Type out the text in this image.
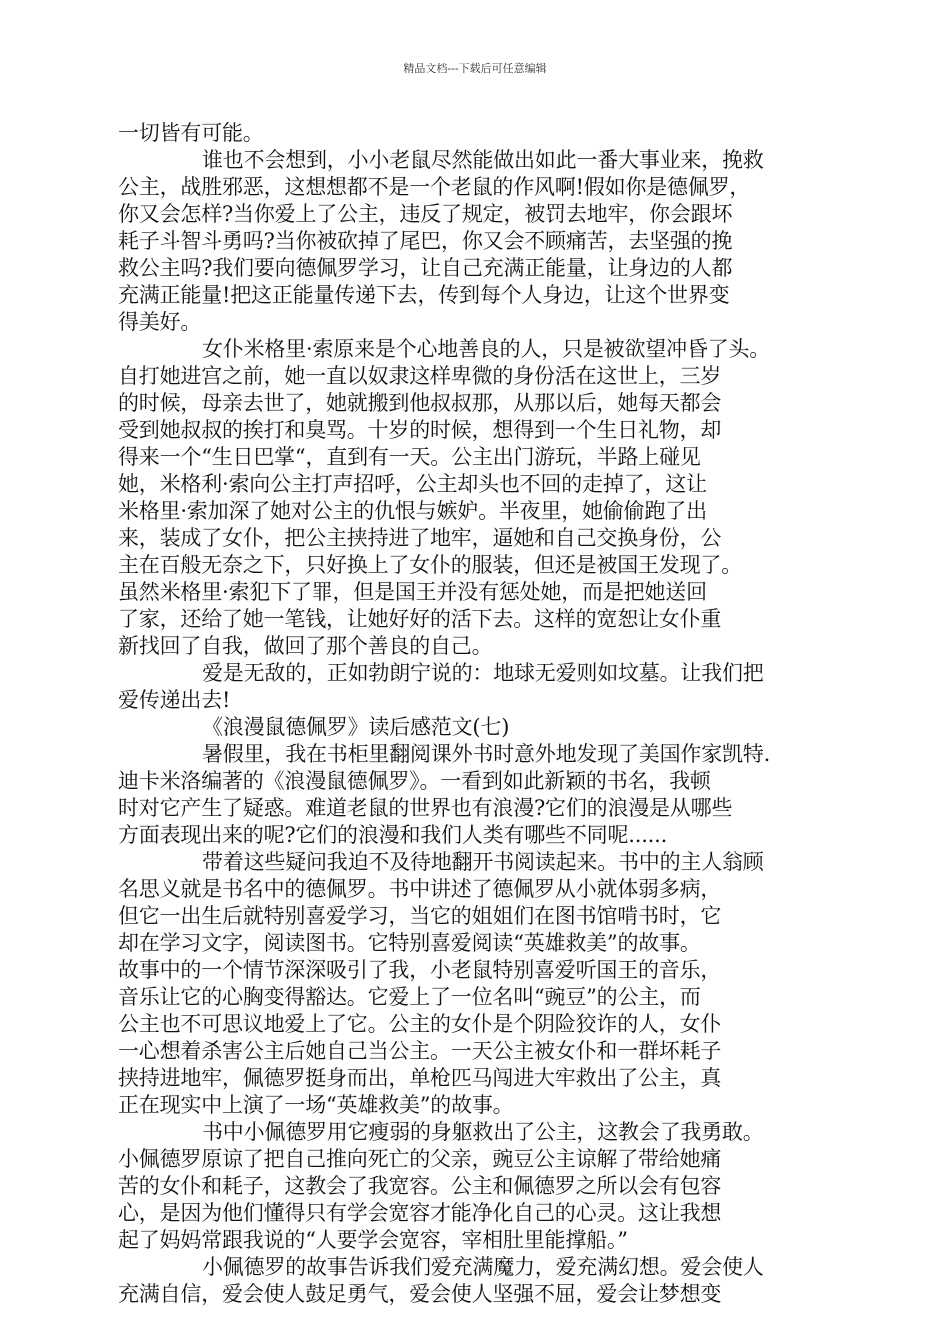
精品文档---下载后可任意编辑
一切皆有可能。
谁也不会想到，小小老鼠尽然能做出如此一番大事业来，挽救
公主，战胜邪恶，这想想都不是一个老鼠的作风啊!假如你是德佩罗，
你又会怎样?当你爱上了公主，违反了规定，被罚去地牢，你会跟坏
耗子斗智斗勇吗?当你被砍掉了尾巴，你又会不顾痛苦，去坚强的挽
救公主吗?我们要向德佩罗学习，让自己充满正能量，让身边的人都
充满正能量!把这正能量传递下去，传到每个人身边，让这个世界变
得美好。
女仆米格里·索原来是个心地善良的人，只是被欲望冲昏了头。
自打她进宫之前，她一直以奴隶这样卑微的身份活在这世上，三岁
的时候，母亲去世了，她就搬到他叔叔那，从那以后，她每天都会
受到她叔叔的挨打和臭骂。十岁的时候，想得到一个生日礼物，却
得来一个“生日巴掌“，直到有一天。公主出门游玩，半路上碰见
她，米格利·索向公主打声招呼，公主却头也不回的走掉了，这让
米格里·索加深了她对公主的仇恨与嫉妒。半夜里，她偷偷跑了出
来，装成了女仆，把公主挟持进了地牢，逼她和自己交换身份，公
主在百般无奈之下，只好换上了女仆的服装，但还是被国王发现了。
虽然米格里·索犯下了罪，但是国王并没有惩处她，而是把她送回
了家，还给了她一笔钱，让她好好的活下去。这样的宽恕让女仆重
新找回了自我，做回了那个善良的自己。
爱是无敌的，正如勃朗宁说的：地球无爱则如坟墓。让我们把
爱传递出去!
《浪漫鼠德佩罗》读后感范文(七)
暑假里，我在书柜里翻阅课外书时意外地发现了美国作家凯特.
迪卡米洛编著的《浪漫鼠德佩罗》。一看到如此新颖的书名，我顿
时对它产生了疑惑。难道老鼠的世界也有浪漫?它们的浪漫是从哪些
方面表现出来的呢?它们的浪漫和我们人类有哪些不同呢......
带着这些疑问我迫不及待地翻开书阅读起来。书中的主人翁顾
名思义就是书名中的德佩罗。书中讲述了德佩罗从小就体弱多病，
但它一出生后就特别喜爱学习，当它的姐姐们在图书馆啃书时，它
却在学习文字，阅读图书。它特别喜爱阅读“英雄救美”的故事。
故事中的一个情节深深吸引了我，小老鼠特别喜爱听国王的音乐，
音乐让它的心胸变得豁达。它爱上了一位名叫“豌豆”的公主，而
公主也不可思议地爱上了它。公主的女仆是个阴险狡诈的人，女仆
一心想着杀害公主后她自己当公主。一天公主被女仆和一群坏耗子
挟持进地牢，佩德罗挺身而出，单枪匹马闯进大牢救出了公主，真
正在现实中上演了一场“英雄救美”的故事。
书中小佩德罗用它瘦弱的身躯救出了公主，这教会了我勇敢。
小佩德罗原谅了把自己推向死亡的父亲，豌豆公主谅解了带给她痛
苦的女仆和耗子，这教会了我宽容。公主和佩德罗之所以会有包容
心，是因为他们懂得只有学会宽容才能净化自己的心灵。这让我想
起了妈妈常跟我说的“人要学会宽容，宰相肚里能撑船。”
小佩德罗的故事告诉我们爱充满魔力，爱充满幻想。爱会使人
充满自信，爱会使人鼓足勇气，爱会使人坚强不屈，爱会让梦想变
